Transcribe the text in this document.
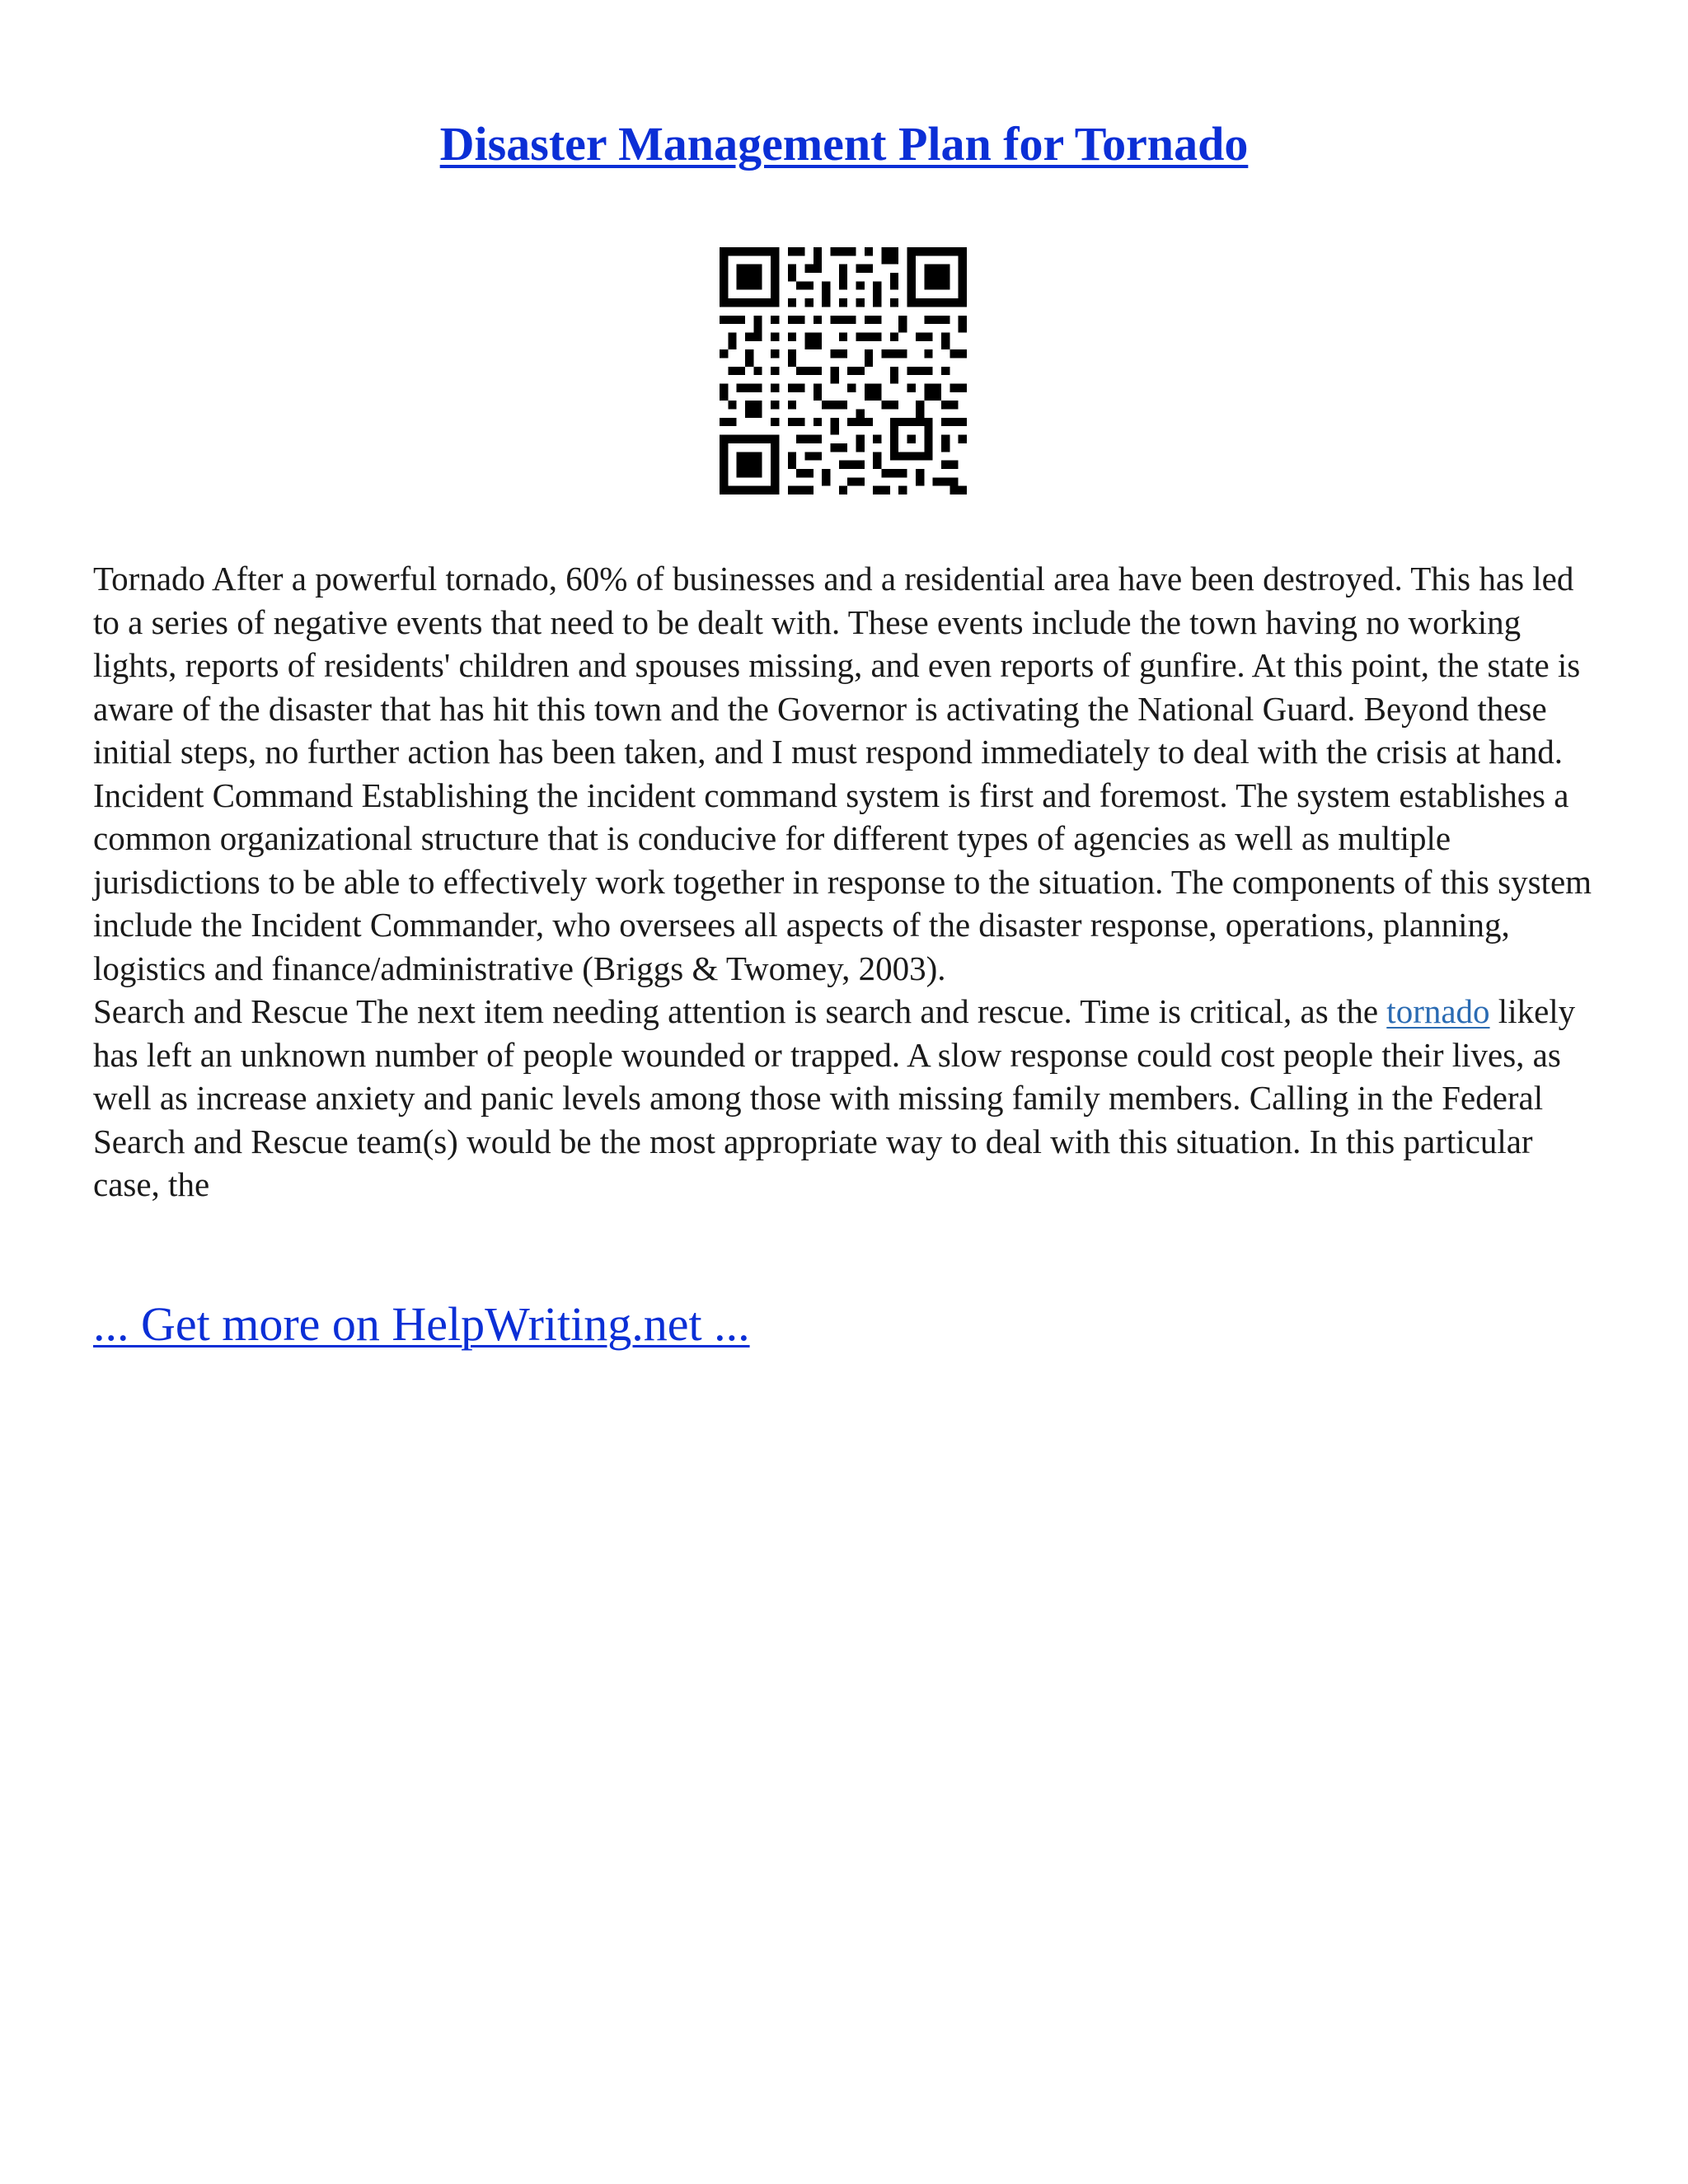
Disaster Management Plan for Tornado

Tornado After a powerful tornado, 60% of businesses and a residential area have been destroyed. This has led to a series of negative events that need to be dealt with. These events include the town having no working lights, reports of residents' children and spouses missing, and even reports of gunfire. At this point, the state is aware of the disaster that has hit this town and the Governor is activating the National Guard. Beyond these initial steps, no further action has been taken, and I must respond immediately to deal with the crisis at hand.

Incident Command Establishing the incident command system is first and foremost. The system establishes a common organizational structure that is conducive for different types of agencies as well as multiple jurisdictions to be able to effectively work together in response to the situation. The components of this system include the Incident Commander, who oversees all aspects of the disaster response, operations, planning, logistics and finance/administrative (Briggs & Twomey, 2003).

Search and Rescue The next item needing attention is search and rescue. Time is critical, as the tornado likely has left an unknown number of people wounded or trapped. A slow response could cost people their lives, as well as increase anxiety and panic levels among those with missing family members. Calling in the Federal Search and Rescue team(s) would be the most appropriate way to deal with this situation. In this particular case, the

... Get more on HelpWriting.net ...
